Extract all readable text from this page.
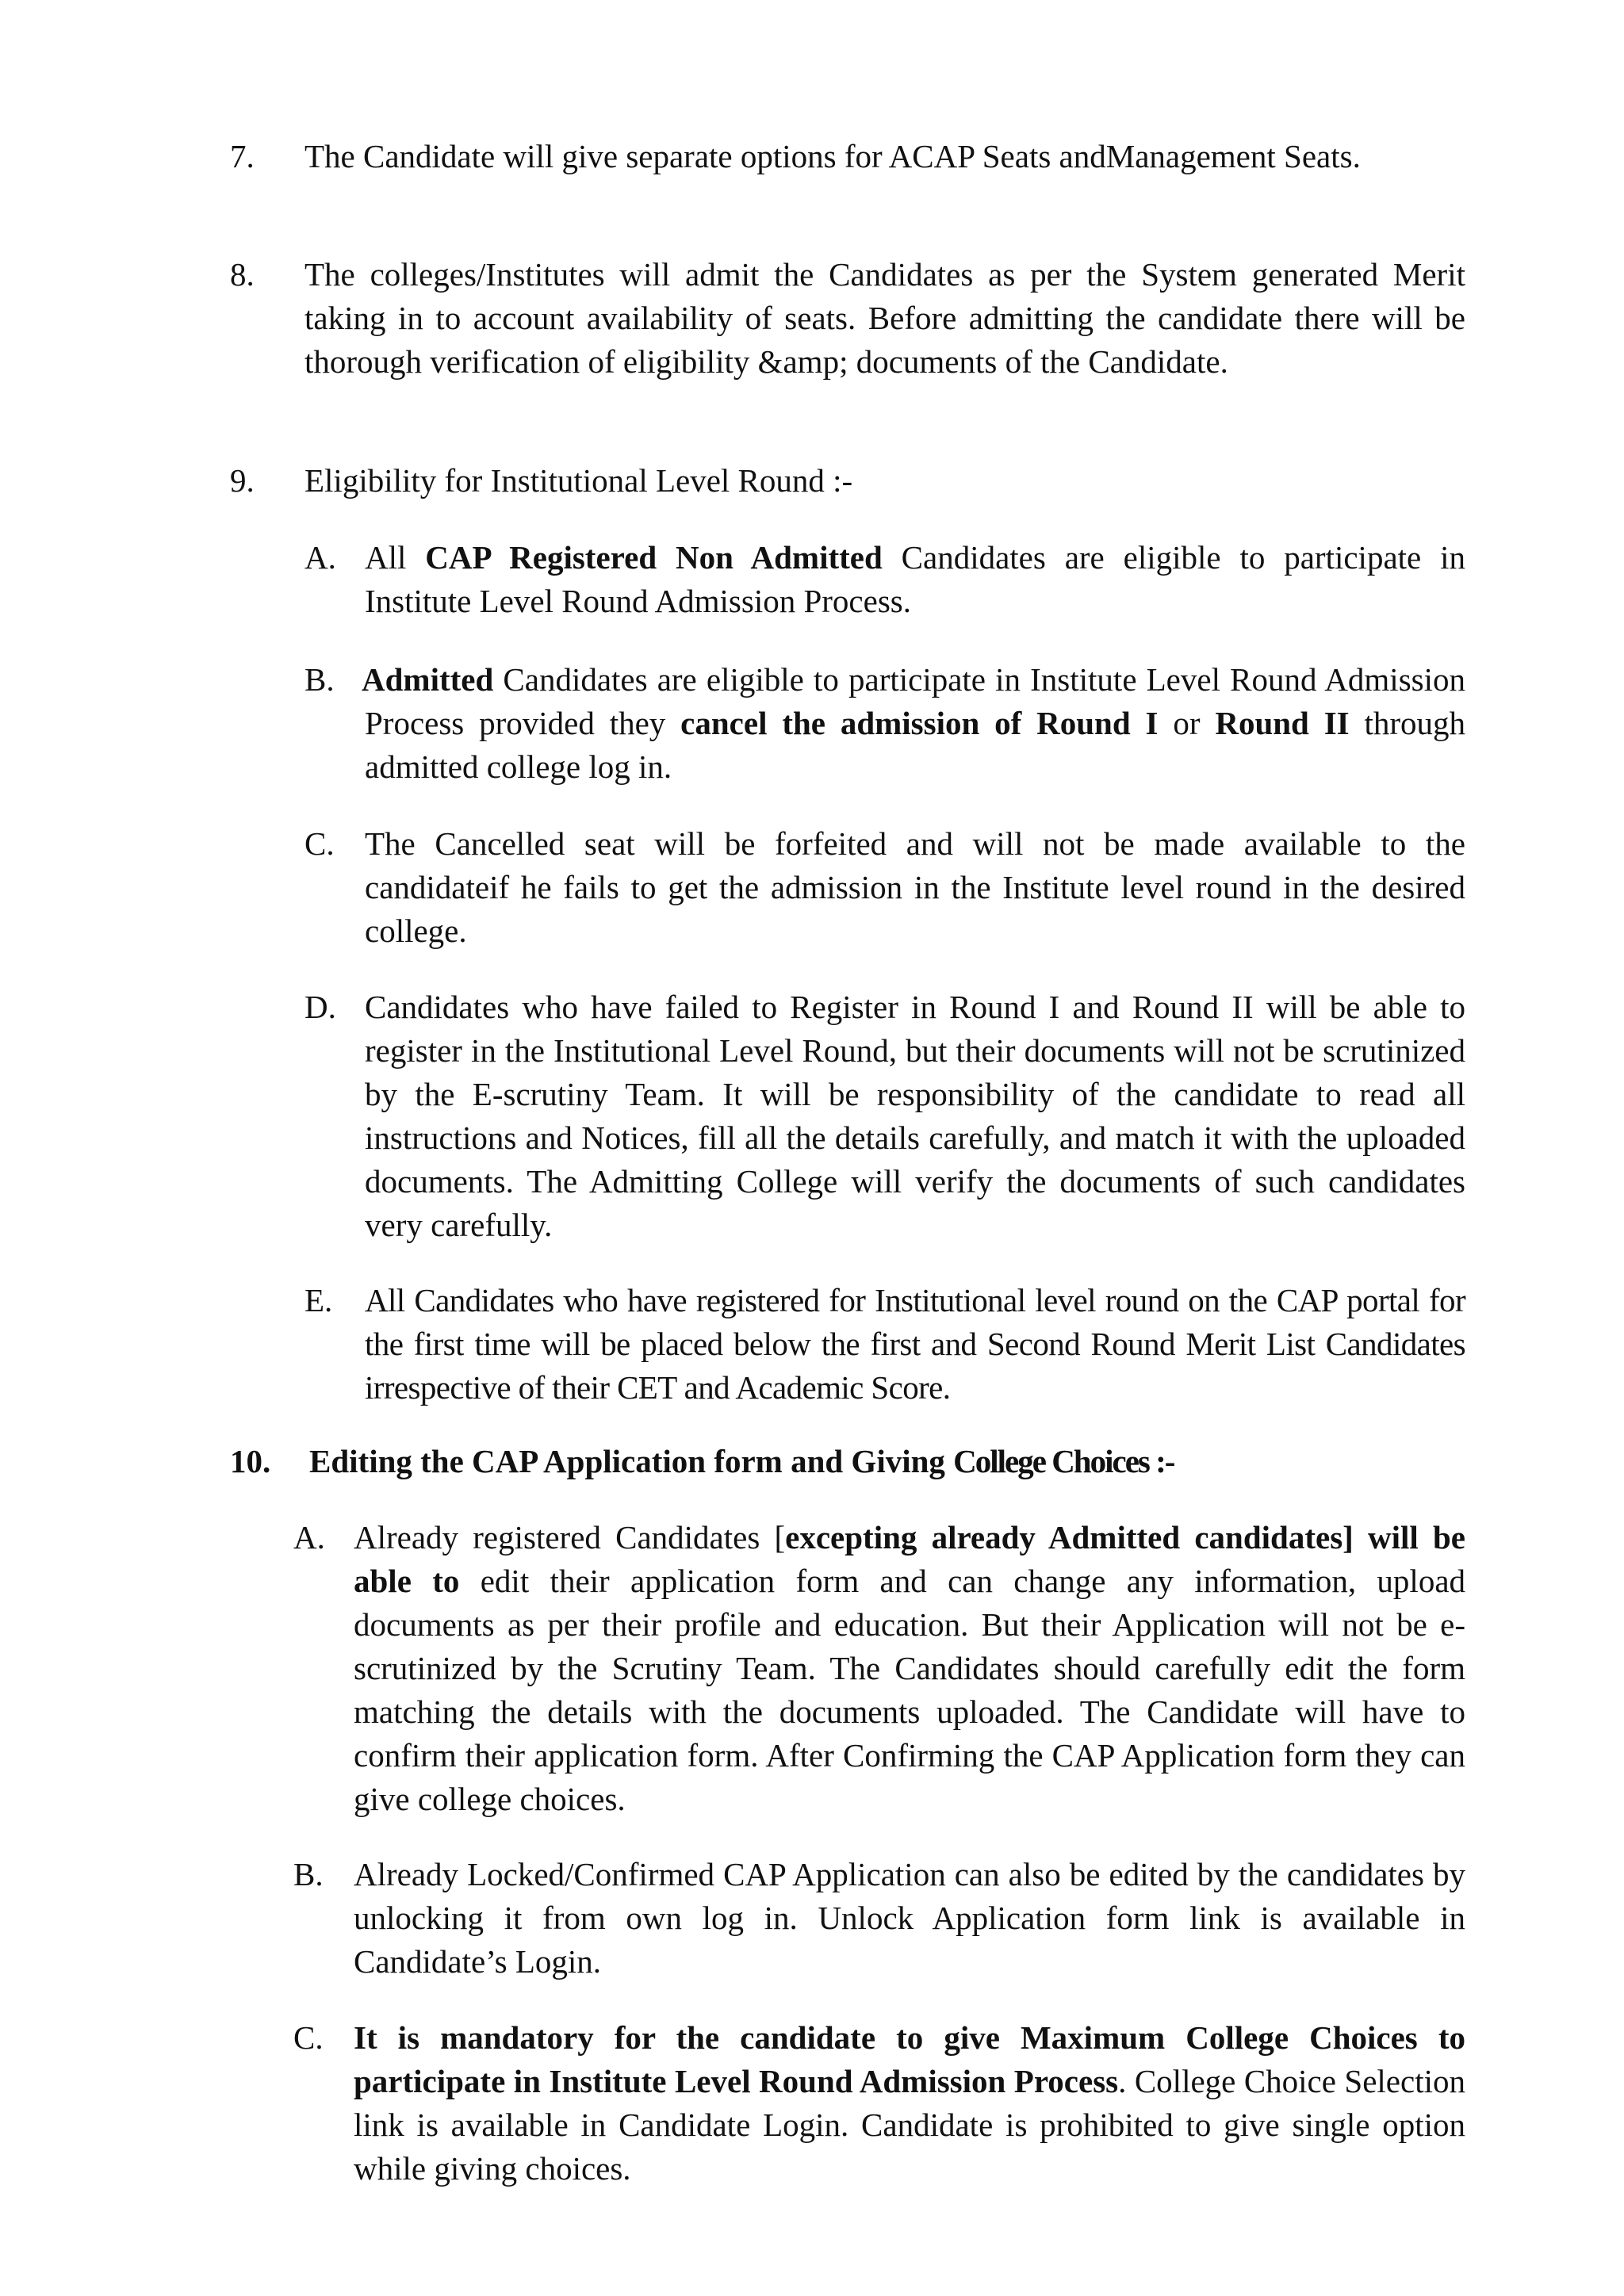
7. The Candidate will give separate options for ACAP Seats andManagement Seats.

8. The colleges/Institutes will admit the Candidates as per the System generated Merit taking in to account availability of seats. Before admitting the candidate there will be thorough verification of eligibility &amp; documents of the Candidate.

9. Eligibility for Institutional Level Round :-

A. All CAP Registered Non Admitted Candidates are eligible to participate in Institute Level Round Admission Process.

B. Admitted Candidates are eligible to participate in Institute Level Round Admission Process provided they cancel the admission of Round I or Round II through admitted college log in.

C. The Cancelled seat will be forfeited and will not be made available to the candidateif he fails to get the admission in the Institute level round in the desired college.

D. Candidates who have failed to Register in Round I and Round II will be able to register in the Institutional Level Round, but their documents will not be scrutinized by the E-scrutiny Team. It will be responsibility of the candidate to read all instructions and Notices, fill all the details carefully, and match it with the uploaded documents. The Admitting College will verify the documents of such candidates very carefully.

E. All Candidates who have registered for Institutional level round on the CAP portal for the first time will be placed below the first and Second Round Merit List Candidates irrespective of their CET and Academic Score.

10. Editing the CAP Application form and Giving College Choices :-

A. Already registered Candidates [excepting already Admitted candidates] will be able to edit their application form and can change any information, upload documents as per their profile and education. But their Application will not be e-scrutinized by the Scrutiny Team. The Candidates should carefully edit the form matching the details with the documents uploaded. The Candidate will have to confirm their application form. After Confirming the CAP Application form they can give college choices.

B. Already Locked/Confirmed CAP Application can also be edited by the candidates by unlocking it from own log in. Unlock Application form link is available in Candidate’s Login.

C. It is mandatory for the candidate to give Maximum College Choices to participate in Institute Level Round Admission Process. College Choice Selection link is available in Candidate Login. Candidate is prohibited to give single option while giving choices.
